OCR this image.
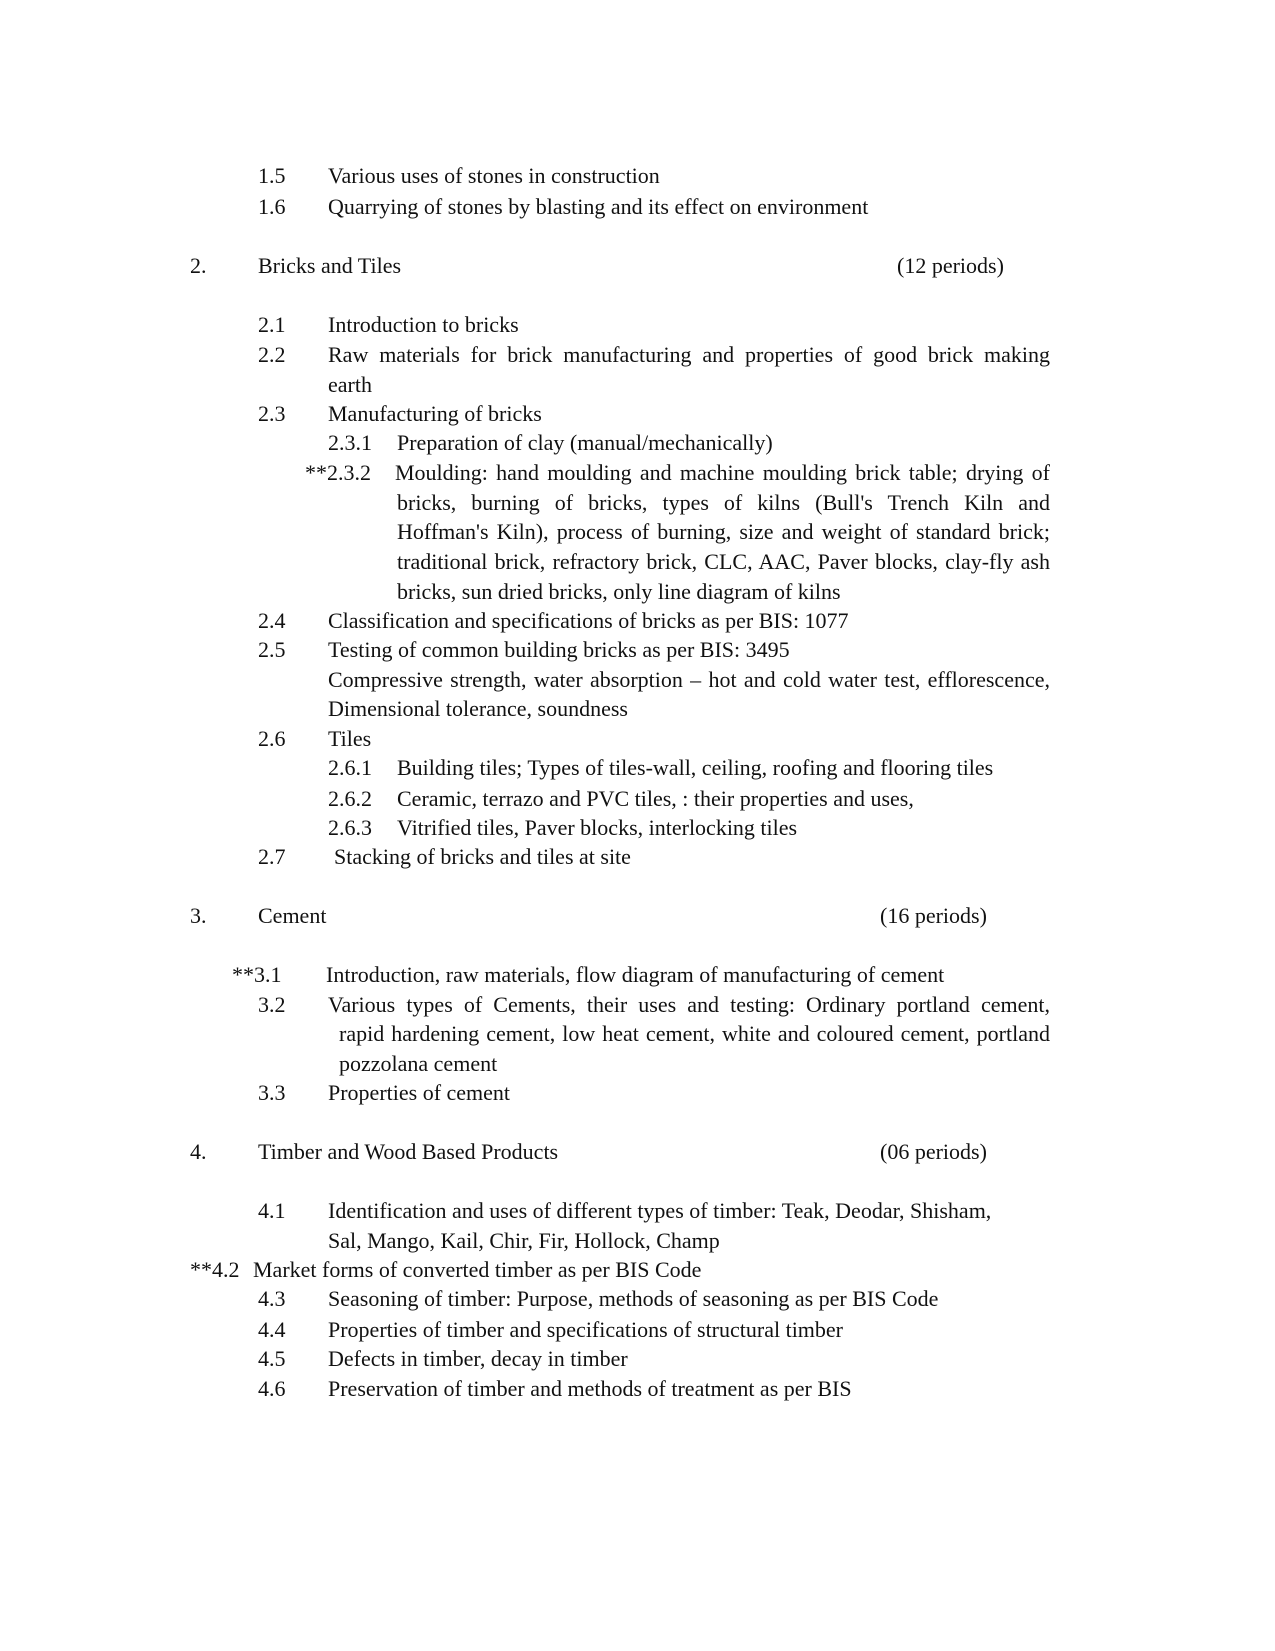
1.5 Various uses of stones in construction
1.6 Quarrying of stones by blasting and its effect on environment
2. Bricks and Tiles	(12 periods)
2.1 Introduction to bricks
2.2 Raw materials for brick manufacturing and properties of good brick making
earth
2.3 Manufacturing of bricks
2.3.1 Preparation of clay (manual/mechanically)
**2.3.2 Moulding: hand moulding and machine moulding brick table; drying of
bricks, burning of bricks, types of kilns (Bull's Trench Kiln and
Hoffman's Kiln), process of burning, size and weight of standard brick;
traditional brick, refractory brick, CLC, AAC, Paver blocks, clay-fly ash
bricks, sun dried bricks, only line diagram of kilns
2.4 Classification and specifications of bricks as per BIS: 1077
2.5 Testing of common building bricks as per BIS: 3495
Compressive strength, water absorption – hot and cold water test, efflorescence,
Dimensional tolerance, soundness
2.6 Tiles
2.6.1 Building tiles; Types of tiles-wall, ceiling, roofing and flooring tiles
2.6.2 Ceramic, terrazo and PVC tiles, : their properties and uses,
2.6.3 Vitrified tiles, Paver blocks, interlocking tiles
2.7 Stacking of bricks and tiles at site
3. Cement	(16 periods)
**3.1 Introduction, raw materials, flow diagram of manufacturing of cement
3.2 Various types of Cements, their uses and testing: Ordinary portland cement,
rapid hardening cement, low heat cement, white and coloured cement, portland
pozzolana cement
3.3 Properties of cement
4. Timber and Wood Based Products	(06 periods)
4.1 Identification and uses of different types of timber: Teak, Deodar, Shisham,
Sal, Mango, Kail, Chir, Fir, Hollock, Champ
**4.2 Market forms of converted timber as per BIS Code
4.3 Seasoning of timber: Purpose, methods of seasoning as per BIS Code
4.4 Properties of timber and specifications of structural timber
4.5 Defects in timber, decay in timber
4.6 Preservation of timber and methods of treatment as per BIS
